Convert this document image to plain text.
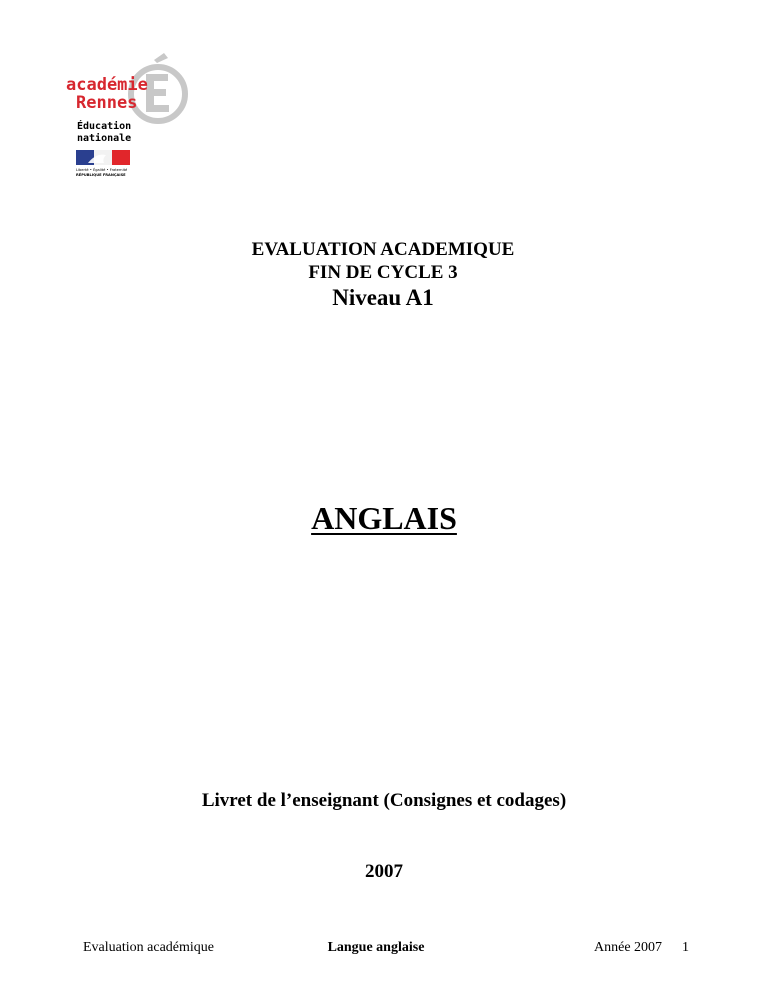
académie
Rennes
Éducation
nationale
Liberté • Égalité • Fraternité
RÉPUBLIQUE FRANÇAISE
EVALUATION ACADEMIQUE
FIN DE CYCLE 3
Niveau A1
ANGLAIS
Livret de l’enseignant (Consignes et codages)
2007
Evaluation académique	Langue anglaise	Année 2007 1
